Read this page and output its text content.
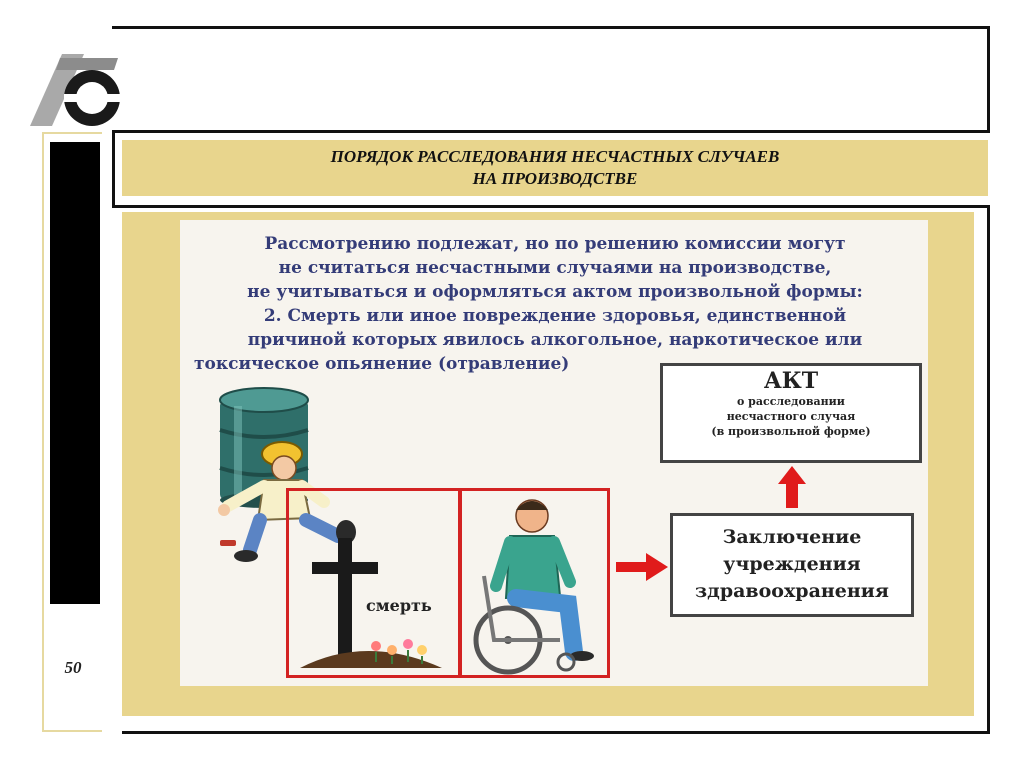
50
ПОРЯДОК РАССЛЕДОВАНИЯ НЕСЧАСТНЫХ СЛУЧАЕВ
НА ПРОИЗВОДСТВЕ
Рассмотрению подлежат, но по решению комиссии могут
не считаться несчастными случаями на производстве,
не учитываться и оформляться актом произвольной формы:
2. Смерть или иное повреждение здоровья, единственной
причиной которых явилось алкогольное, наркотическое или
токсическое опьянение (отравление)
смерть
АКТ
о расследовании
несчастного случая
(в произвольной форме)
Заключение
учреждения
здравоохранения
